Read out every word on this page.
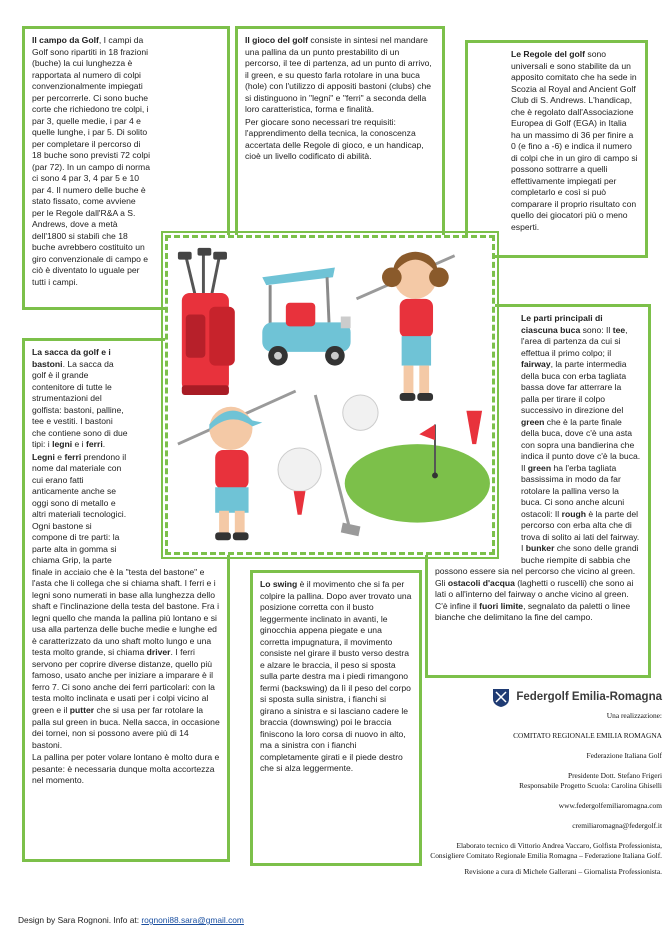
Il campo da Golf, I campi da Golf sono ripartiti in 18 frazioni (buche) la cui lunghezza è rapportata al numero di colpi convenzionalmente impiegati per percorrerle. Ci sono buche corte che richiedono tre colpi, i par 3, quelle medie, i par 4 e quelle lunghe, i par 5. Di solito per completare il percorso di 18 buche sono previsti 72 colpi (par 72). In un campo di norma ci sono 4 par 3, 4 par 5 e 10 par 4. Il numero delle buche è stato fissato, come avviene per le Regole dall'R&A a S. Andrews, dove a metà dell'1800 si stabilì che 18 buche avrebbero costituito un giro convenzionale di campo e ciò è diventato lo uguale per tutti i campi.

Il gioco del golf consiste in sintesi nel mandare una pallina da un punto prestabilito di un percorso, il tee di partenza, ad un punto di arrivo, il green, e su questo farla rotolare in una buca (hole) con l'utilizzo di appositi bastoni (clubs) che si distinguono in "legni" e "ferri" a seconda della loro caratteristica, forma e finalità.

Per giocare sono necessari tre requisiti: l'apprendimento della tecnica, la conoscenza accertata delle Regole di gioco, e un handicap, cioè un livello codificato di abilità.

Le Regole del golf sono universali e sono stabilite da un apposito comitato che ha sede in Scozia al Royal and Ancient Golf Club di S. Andrews. L'handicap, che è regolato dall'Associazione Europea di Golf (EGA) in Italia ha un massimo di 36 per finire a 0 (e fino a -6) e indica il numero di colpi che in un giro di campo si possono sottrarre a quelli effettivamente impiegati per completarlo e così si può comparare il proprio risultato con quello dei giocatori più o meno esperti.

La sacca da golf e i bastoni. La sacca da golf è il grande contenitore di tutte le strumentazioni del golfista: bastoni, palline, tee e vestiti. I bastoni che contiene sono di due tipi: i legni e i ferri.

Legni e ferri prendono il nome dal materiale con cui erano fatti anticamente anche se oggi sono di metallo e altri materiali tecnologici. Ogni bastone si compone di tre parti: la parte alta in gomma si chiama Grip, la parte finale in acciaio che è la "testa del bastone" e l'asta che li collega che si chiama shaft. I ferri e i legni sono numerati in base alla lunghezza dello shaft e l'inclinazione della testa del bastone. Fra i legni quello che manda la pallina più lontano e si usa alla partenza delle buche medie e lunghe ed è caratterizzato da uno shaft molto lungo e una testa molto grande, si chiama driver. I ferri servono per coprire diverse distanze, quello più famoso, usato anche per iniziare a imparare è il ferro 7. Ci sono anche dei ferri particolari: con la testa molto inclinata e usati per i colpi vicino al green e il putter che si usa per far rotolare la palla sul green in buca. Nella sacca, in occasione dei tornei, non si possono avere più di 14 bastoni.

La pallina per poter volare lontano è molto dura e pesante: è necessaria dunque molta accortezza nel momento.

Lo swing è il movimento che si fa per colpire la pallina. Dopo aver trovato una posizione corretta con il busto leggermente inclinato in avanti, le ginocchia appena piegate e una corretta impugnatura, il movimento consiste nel girare il busto verso destra e alzare le braccia, il peso si sposta sulla parte destra ma i piedi rimangono fermi (backswing) da lì il peso del corpo si sposta sulla sinistra, i fianchi si girano a sinistra e si lasciano cadere le braccia (downswing) poi le braccia finiscono la loro corsa di nuovo in alto, ma a sinistra con i fianchi completamente girati e il piede destro che si alza leggermente.

Le parti principali di ciascuna buca sono: Il tee, l'area di partenza da cui si effettua il primo colpo; il fairway, la parte intermedia della buca con erba tagliata bassa dove far atterrare la palla per tirare il colpo successivo in direzione del green che è la parte finale della buca, dove c'è una asta con sopra una bandierina che indica il punto dove c'è la buca. Il green ha l'erba tagliata bassissima in modo da far rotolare la pallina verso la buca. Ci sono anche alcuni ostacoli: Il rough è la parte del percorso con erba alta che di trova di solito ai lati del fairway. I bunker che sono delle grandi buche riempite di sabbia che possono essere sia nel percorso che vicino al green. Gli ostacoli d'acqua (laghetti o ruscelli) che sono ai lati o all'interno del fairway o anche vicino al green. C'è infine il fuori limite, segnalato da paletti o linee bianche che delimitano la fine del campo.

Federgolf Emilia-Romagna
Una realizzazione:
COMITATO REGIONALE EMILIA ROMAGNA
Federazione Italiana Golf
Presidente Dott. Stefano Frigeri
Responsabile Progetto Scuola: Carolina Ghiselli
www.federgolfemiliaromagna.com
cremiliaromagna@federgolf.it
Elaborato tecnico di Vittorio Andrea Vaccaro, Golfista Professionista, Consigliere Comitato Regionale Emilia Romagna – Federazione Italiana Golf.
Revisione a cura di Michele Gallerani – Giornalista Professionista.
Design by Sara Rognoni. Info at: rognoni88.sara@gmail.com
